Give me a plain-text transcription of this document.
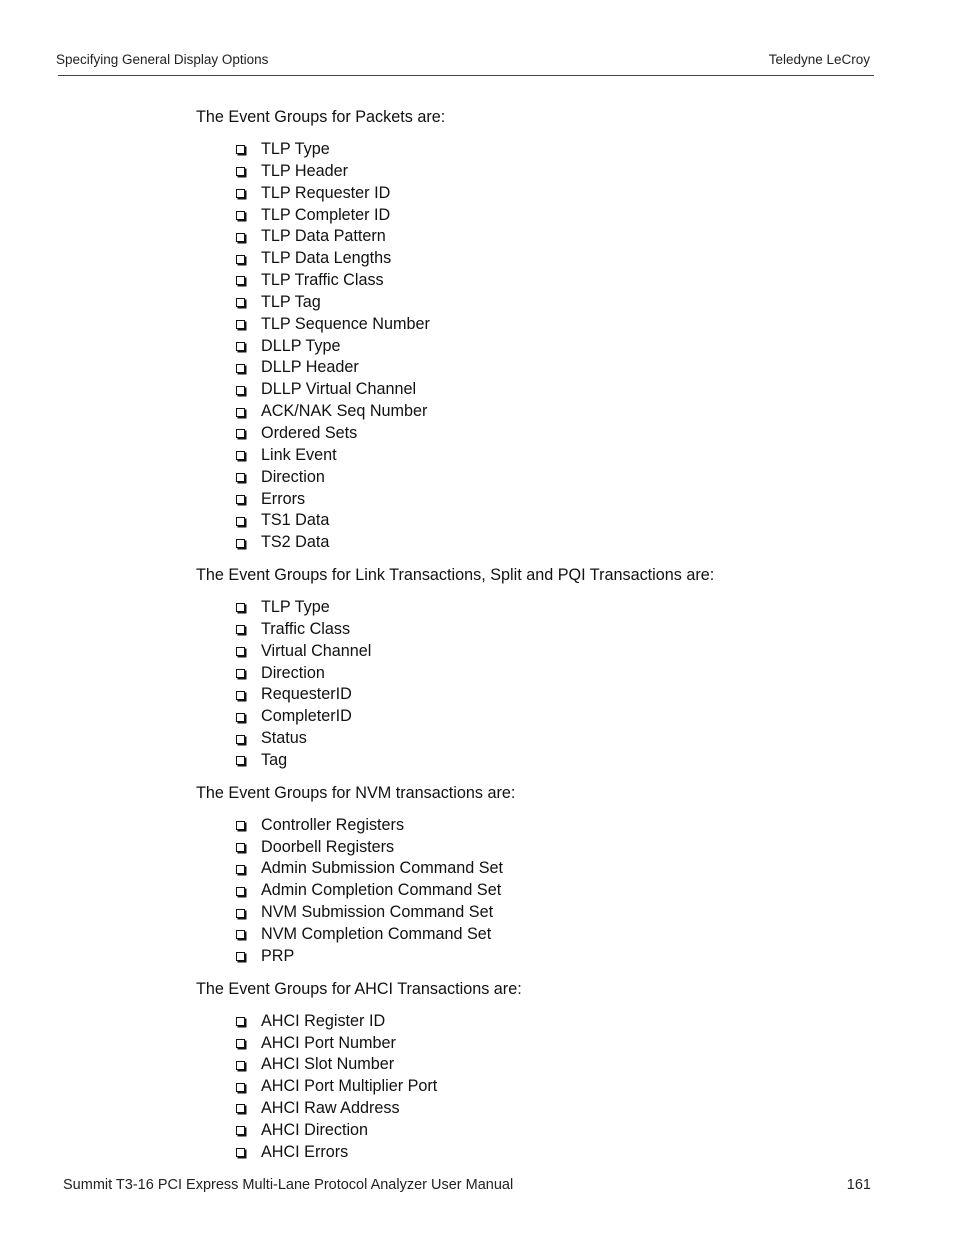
Specifying General Display Options	Teledyne LeCroy

The Event Groups for Packets are:

TLP Type
TLP Header
TLP Requester ID
TLP Completer ID
TLP Data Pattern
TLP Data Lengths
TLP Traffic Class
TLP Tag
TLP Sequence Number
DLLP Type
DLLP Header
DLLP Virtual Channel
ACK/NAK Seq Number
Ordered Sets
Link Event
Direction
Errors
TS1 Data
TS2 Data

The Event Groups for Link Transactions, Split and PQI Transactions are:

TLP Type
Traffic Class
Virtual Channel
Direction
RequesterID
CompleterID
Status
Tag

The Event Groups for NVM transactions are:

Controller Registers
Doorbell Registers
Admin Submission Command Set
Admin Completion Command Set
NVM Submission Command Set
NVM Completion Command Set
PRP

The Event Groups for AHCI Transactions are:

AHCI Register ID
AHCI Port Number
AHCI Slot Number
AHCI Port Multiplier Port
AHCI Raw Address
AHCI Direction
AHCI Errors
Summit T3-16 PCI Express Multi-Lane Protocol Analyzer User Manual	161
